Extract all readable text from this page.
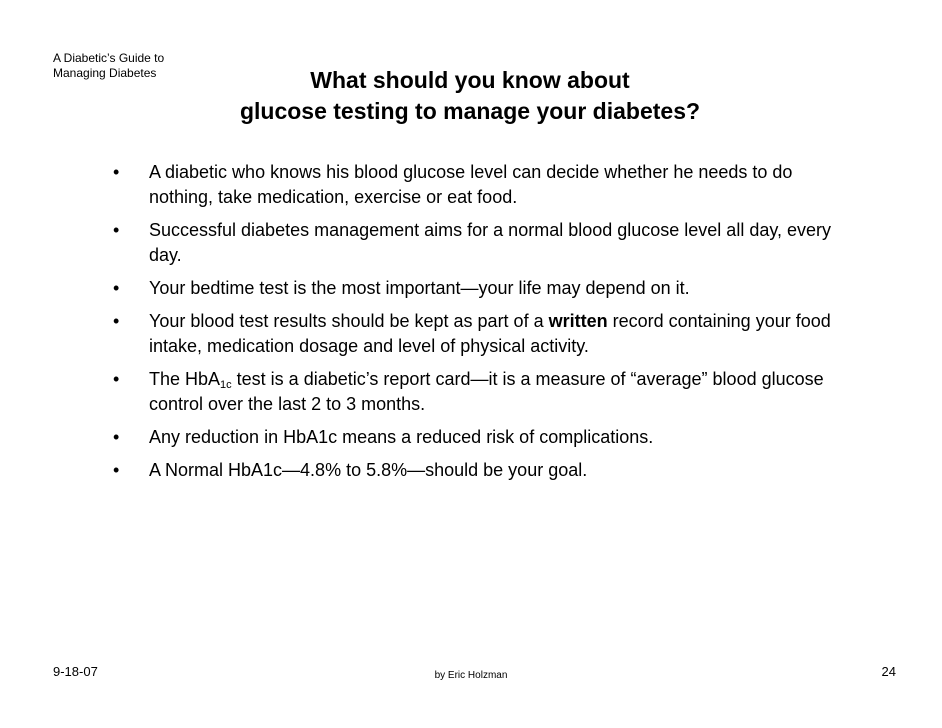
A Diabetic’s Guide to
Managing Diabetes	What should you know about
glucose testing to manage your diabetes?
•	A diabetic who knows his blood glucose level can decide whether he needs to do nothing, take medication, exercise or eat food.
•	Successful diabetes management aims for a normal blood glucose level all day, every day.
•	Your bedtime test is the most important—your life may depend on it.
•	Your blood test results should be kept as part of a written record containing your food intake, medication dosage and level of physical activity.
•	The HbA$_{1c}$ test is a diabetic’s report card—it is a measure of “average” blood glucose control over the last 2 to 3 months.
•	Any reduction in HbA1c means a reduced risk of complications.
•	A Normal HbA1c—4.8% to 5.8%—should be your goal.
9-18-07	by Eric Holzman	24
